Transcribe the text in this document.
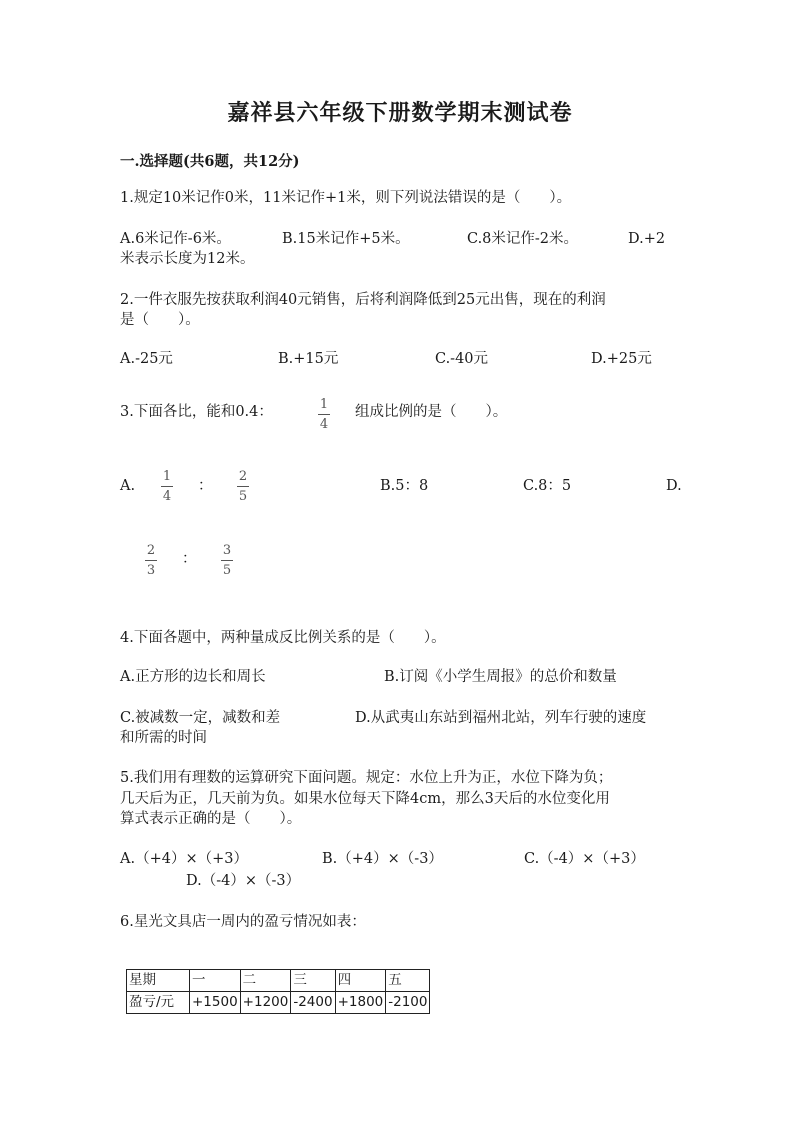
嘉祥县六年级下册数学期末测试卷
一.选择题(共6题，共12分)
1.规定10米记作0米，11米记作+1米，则下列说法错误的是（　　）。
A.6米记作-6米。	B.15米记作+5米。	C.8米记作-2米。	D.+2
米表示长度为12米。
2.一件衣服先按获取利润40元销售，后将利润降低到25元出售，现在的利润
是（　　）。
A.-25元	B.+15元	C.-40元	D.+25元
3.下面各比，能和0.4：	1
4
组成比例的是（　　）。
A.
1
4
：
2
5
B.5：8	C.8：5	D.
2
3
：
3
5
4.下面各题中，两种量成反比例关系的是（　　）。
A.正方形的边长和周长	B.订阅《小学生周报》的总价和数量
C.被减数一定，减数和差	D.从武夷山东站到福州北站，列车行驶的速度
和所需的时间
5.我们用有理数的运算研究下面问题。规定：水位上升为正，水位下降为负；
几天后为正，几天前为负。如果水位每天下降4cm，那么3天后的水位变化用
算式表示正确的是（　　）。
A.（+4）×（+3）	B.（+4）×（-3）	C.（-4）×（+3）
D.（-4）×（-3）
6.星光文具店一周内的盈亏情况如表：
星期	一	二	三	四	五
盈亏/元	+1500	+1200	-2400	+1800	-2100
